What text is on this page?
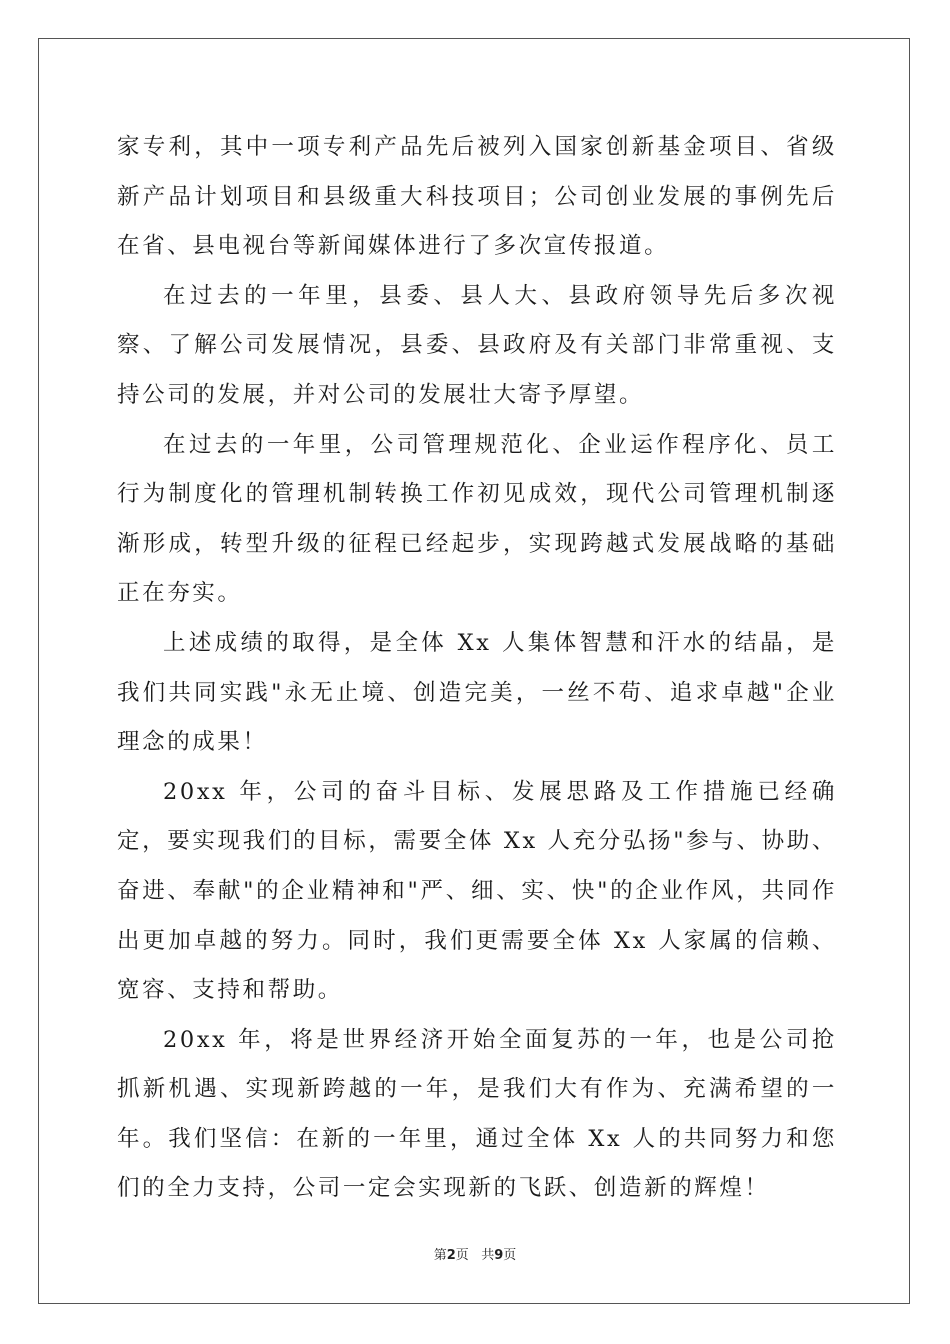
家专利，其中一项专利产品先后被列入国家创新基金项目、省级新产品计划项目和县级重大科技项目；公司创业发展的事例先后在省、县电视台等新闻媒体进行了多次宣传报道。

在过去的一年里，县委、县人大、县政府领导先后多次视察、了解公司发展情况，县委、县政府及有关部门非常重视、支持公司的发展，并对公司的发展壮大寄予厚望。

在过去的一年里，公司管理规范化、企业运作程序化、员工行为制度化的管理机制转换工作初见成效，现代公司管理机制逐渐形成，转型升级的征程已经起步，实现跨越式发展战略的基础正在夯实。

上述成绩的取得，是全体 Xx 人集体智慧和汗水的结晶，是我们共同实践"永无止境、创造完美，一丝不苟、追求卓越"企业理念的成果！

20xx 年，公司的奋斗目标、发展思路及工作措施已经确定，要实现我们的目标，需要全体 Xx 人充分弘扬"参与、协助、奋进、奉献"的企业精神和"严、细、实、快"的企业作风，共同作出更加卓越的努力。同时，我们更需要全体 Xx 人家属的信赖、宽容、支持和帮助。

20xx 年，将是世界经济开始全面复苏的一年，也是公司抢抓新机遇、实现新跨越的一年，是我们大有作为、充满希望的一年。我们坚信：在新的一年里，通过全体 Xx 人的共同努力和您们的全力支持，公司一定会实现新的飞跃、创造新的辉煌！

第2页 共9页
